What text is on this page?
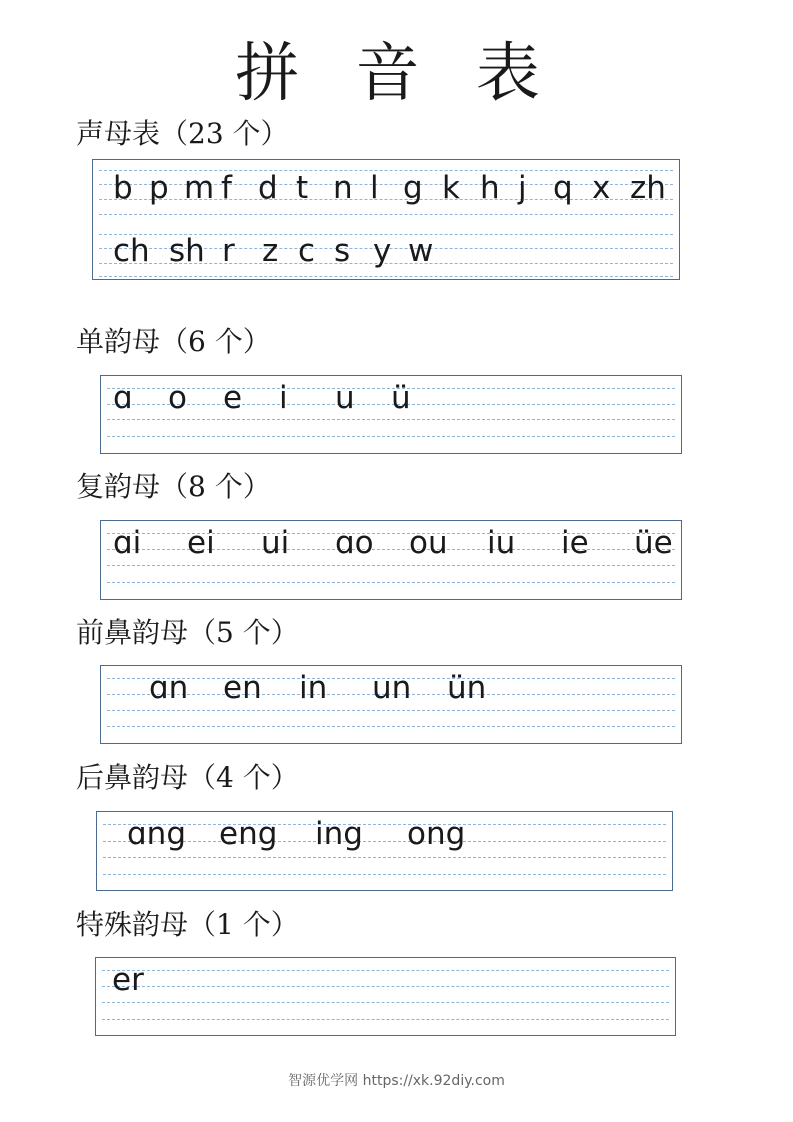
拼 音 表
声母表（23 个）
b p m f d t n l g k h j q x zh
ch sh r z c s y w
单韵母（6 个）
ɑ o e i u ü
复韵母（8 个）
ɑi ei ui ɑo ou iu ie üe
前鼻韵母（5 个）
ɑn en in un ün
后鼻韵母（4 个）
ɑng eng ing ong
特殊韵母（1 个）
er
智源优学网 https://xk.92diy.com
